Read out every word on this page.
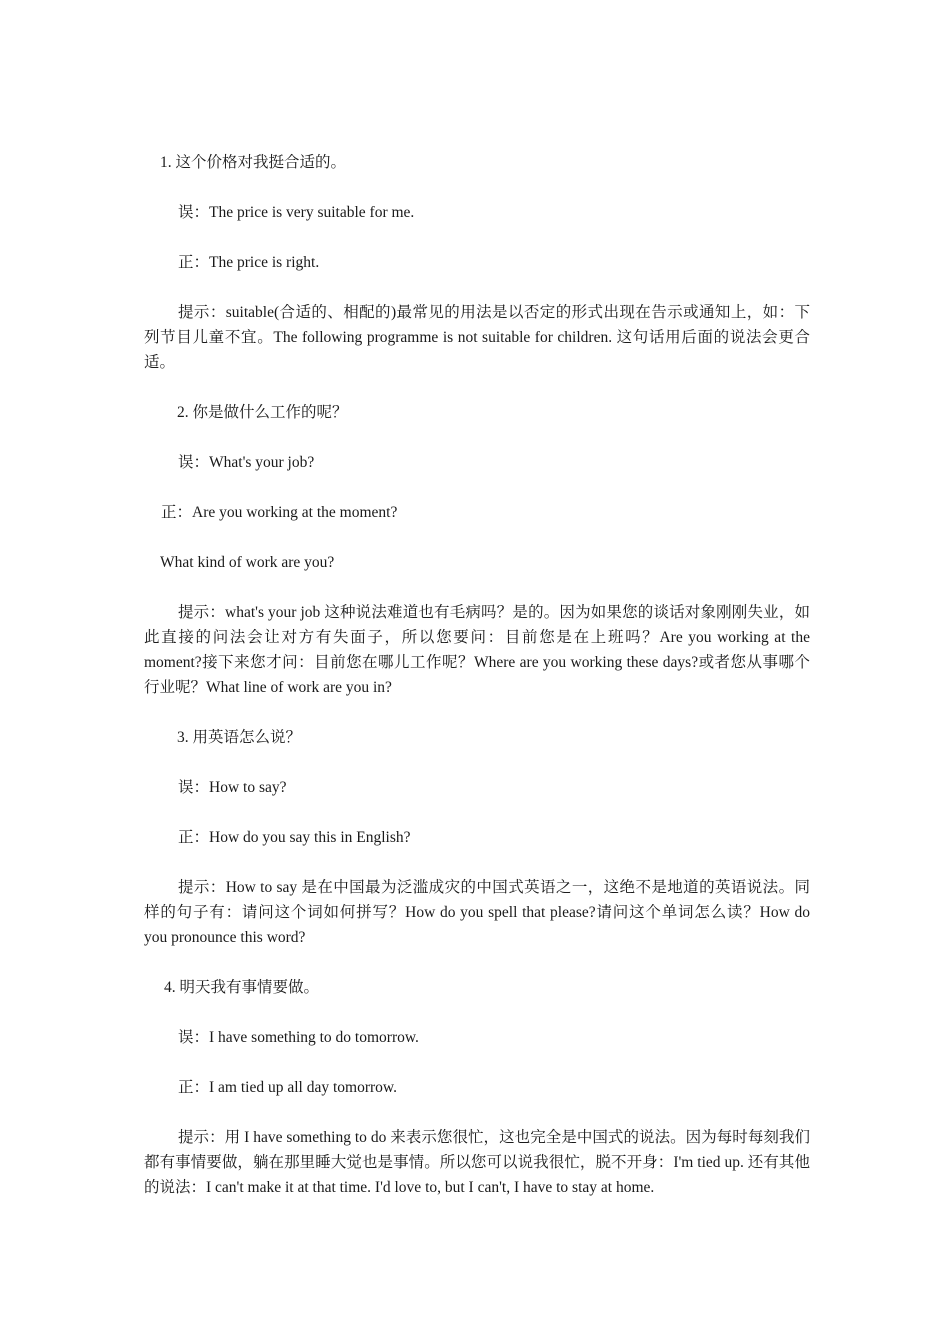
1. 这个价格对我挺合适的。

误：The price is very suitable for me.

正：The price is right.

提示：suitable(合适的、相配的)最常见的用法是以否定的形式出现在告示或通知上，如：下列节目儿童不宜。The following programme is not suitable for children. 这句话用后面的说法会更合适。

2. 你是做什么工作的呢？

误：What's your job?

正：Are you working at the moment?

What kind of work are you?

提示：what's your job 这种说法难道也有毛病吗？是的。因为如果您的谈话对象刚刚失业，如此直接的问法会让对方有失面子，所以您要问：目前您是在上班吗？Are you working at the moment?接下来您才问：目前您在哪儿工作呢？Where are you working these days?或者您从事哪个行业呢？What line of work are you in?

3. 用英语怎么说？

误：How to say?

正：How do you say this in English?

提示：How to say 是在中国最为泛滥成灾的中国式英语之一，这绝不是地道的英语说法。同样的句子有：请问这个词如何拼写？How do you spell that please?请问这个单词怎么读？How do you pronounce this word?

4. 明天我有事情要做。

误：I have something to do tomorrow.

正：I am tied up all day tomorrow.

提示：用 I have something to do 来表示您很忙，这也完全是中国式的说法。因为每时每刻我们都有事情要做，躺在那里睡大觉也是事情。所以您可以说我很忙，脱不开身：I'm tied up. 还有其他的说法：I can't make it at that time. I'd love to, but I can't, I have to stay at home.
